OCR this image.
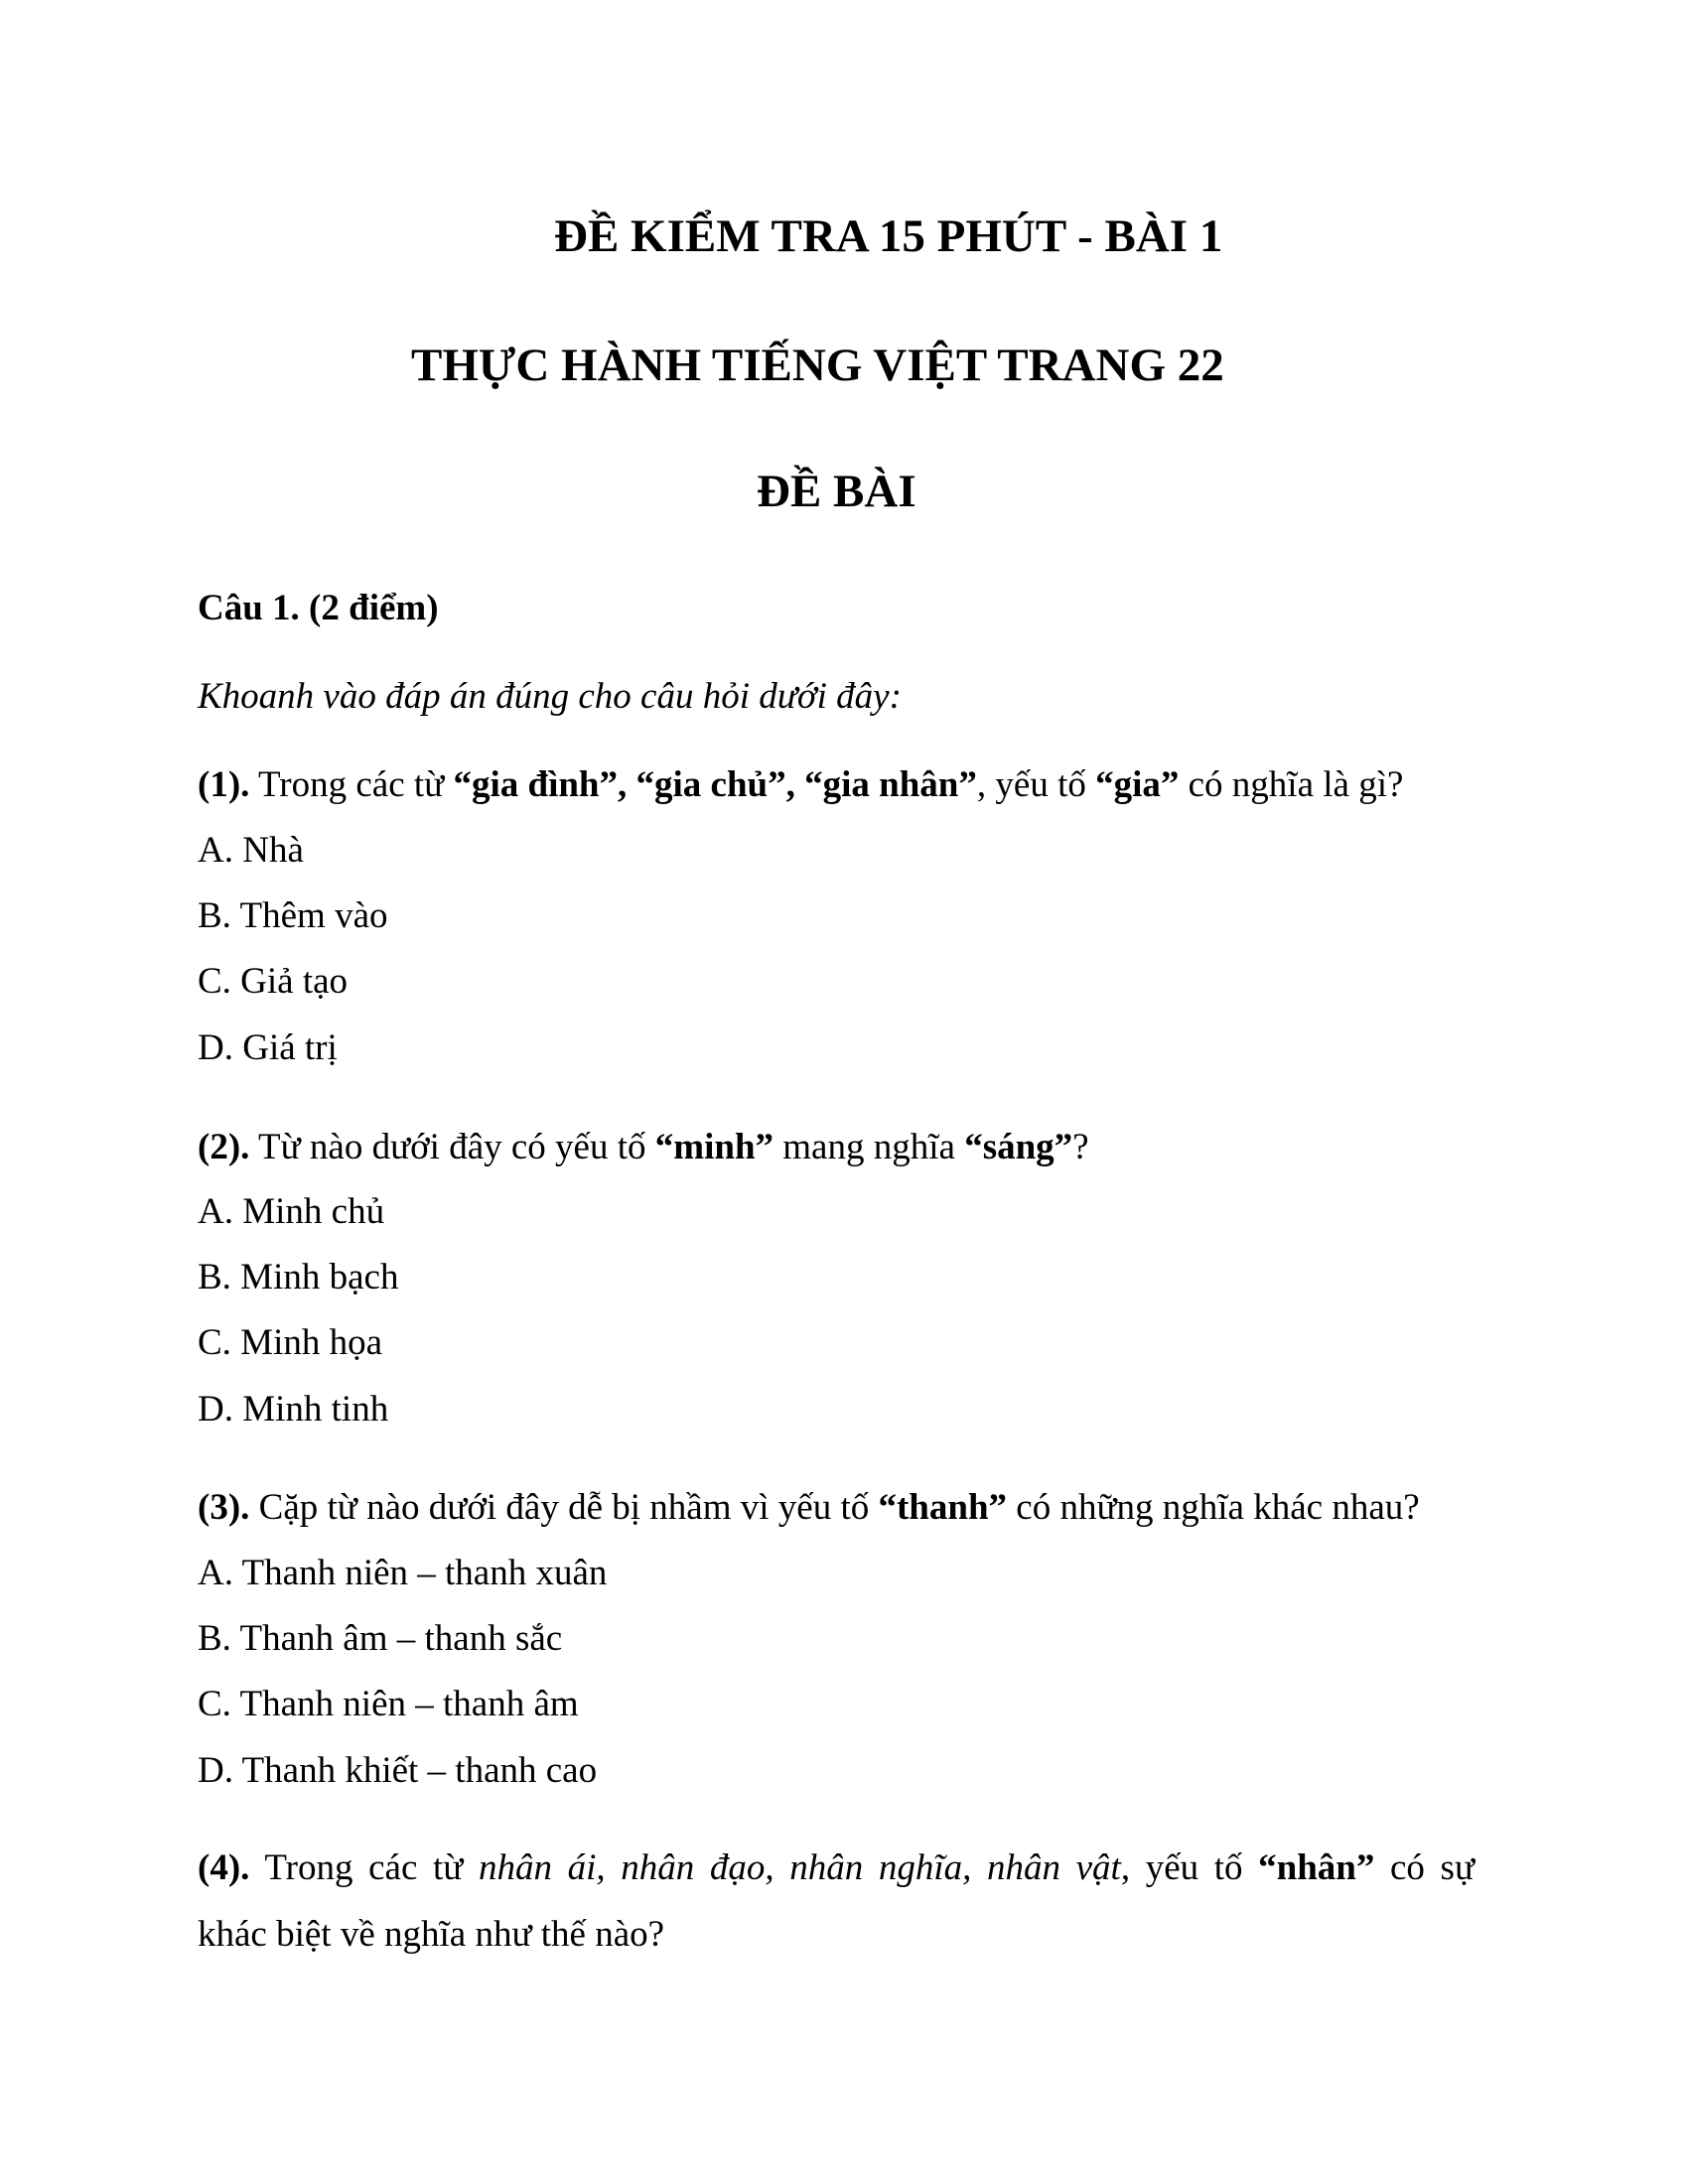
ĐỀ KIỂM TRA 15 PHÚT - BÀI 1
THỰC HÀNH TIẾNG VIỆT TRANG 22
ĐỀ BÀI
Câu 1. (2 điểm)
Khoanh vào đáp án đúng cho câu hỏi dưới đây:
(1). Trong các từ “gia đình”, “gia chủ”, “gia nhân”, yếu tố “gia” có nghĩa là gì?
A. Nhà
B. Thêm vào
C. Giả tạo
D. Giá trị
(2). Từ nào dưới đây có yếu tố “minh” mang nghĩa “sáng”?
A. Minh chủ
B. Minh bạch
C. Minh họa
D. Minh tinh
(3). Cặp từ nào dưới đây dễ bị nhầm vì yếu tố “thanh” có những nghĩa khác nhau?
A. Thanh niên – thanh xuân
B. Thanh âm – thanh sắc
C. Thanh niên – thanh âm
D. Thanh khiết – thanh cao
(4). Trong các từ nhân ái, nhân đạo, nhân nghĩa, nhân vật, yếu tố “nhân” có sự
khác biệt về nghĩa như thế nào?
